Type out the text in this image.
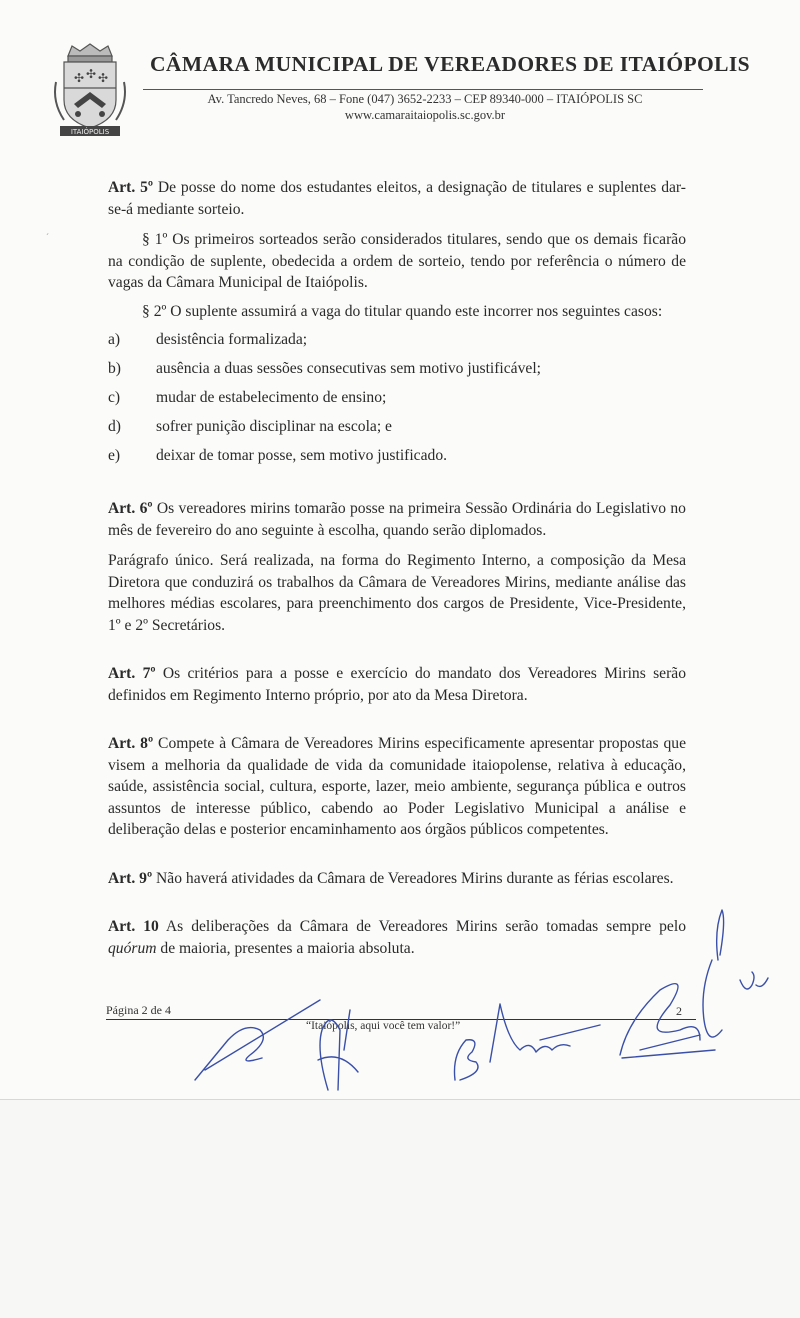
✣ ✣ ✣
ITAIÓPOLIS
CÂMARA MUNICIPAL DE VEREADORES DE ITAIÓPOLIS
Av. Tancredo Neves, 68 – Fone (047) 3652-2233 – CEP 89340-000 – ITAIÓPOLIS SC
www.camaraitaiopolis.sc.gov.br

Art. 5º De posse do nome dos estudantes eleitos, a designação de titulares e suplentes dar-se-á mediante sorteio.

§ 1º Os primeiros sorteados serão considerados titulares, sendo que os demais ficarão na condição de suplente, obedecida a ordem de sorteio, tendo por referência o número de vagas da Câmara Municipal de Itaiópolis.

§ 2º O suplente assumirá a vaga do titular quando este incorrer nos seguintes casos:

a)	desistência formalizada;
b)	ausência a duas sessões consecutivas sem motivo justificável;
c)	mudar de estabelecimento de ensino;
d)	sofrer punição disciplinar na escola; e
e)	deixar de tomar posse, sem motivo justificado.

Art. 6º Os vereadores mirins tomarão posse na primeira Sessão Ordinária do Legislativo no mês de fevereiro do ano seguinte à escolha, quando serão diplomados.

Parágrafo único. Será realizada, na forma do Regimento Interno, a composição da Mesa Diretora que conduzirá os trabalhos da Câmara de Vereadores Mirins, mediante análise das melhores médias escolares, para preenchimento dos cargos de Presidente, Vice-Presidente, 1º e 2º Secretários.

Art. 7º Os critérios para a posse e exercício do mandato dos Vereadores Mirins serão definidos em Regimento Interno próprio, por ato da Mesa Diretora.

Art. 8º Compete à Câmara de Vereadores Mirins especificamente apresentar propostas que visem a melhoria da qualidade de vida da comunidade itaiopolense, relativa à educação, saúde, assistência social, cultura, esporte, lazer, meio ambiente, segurança pública e outros assuntos de interesse público, cabendo ao Poder Legislativo Municipal a análise e deliberação delas e posterior encaminhamento aos órgãos públicos competentes.

Art. 9º Não haverá atividades da Câmara de Vereadores Mirins durante as férias escolares.

Art. 10 As deliberações da Câmara de Vereadores Mirins serão tomadas sempre pelo quórum de maioria, presentes a maioria absoluta.

Página 2 de 4	2
“Itaiópolis, aqui você tem valor!”
ˊ
